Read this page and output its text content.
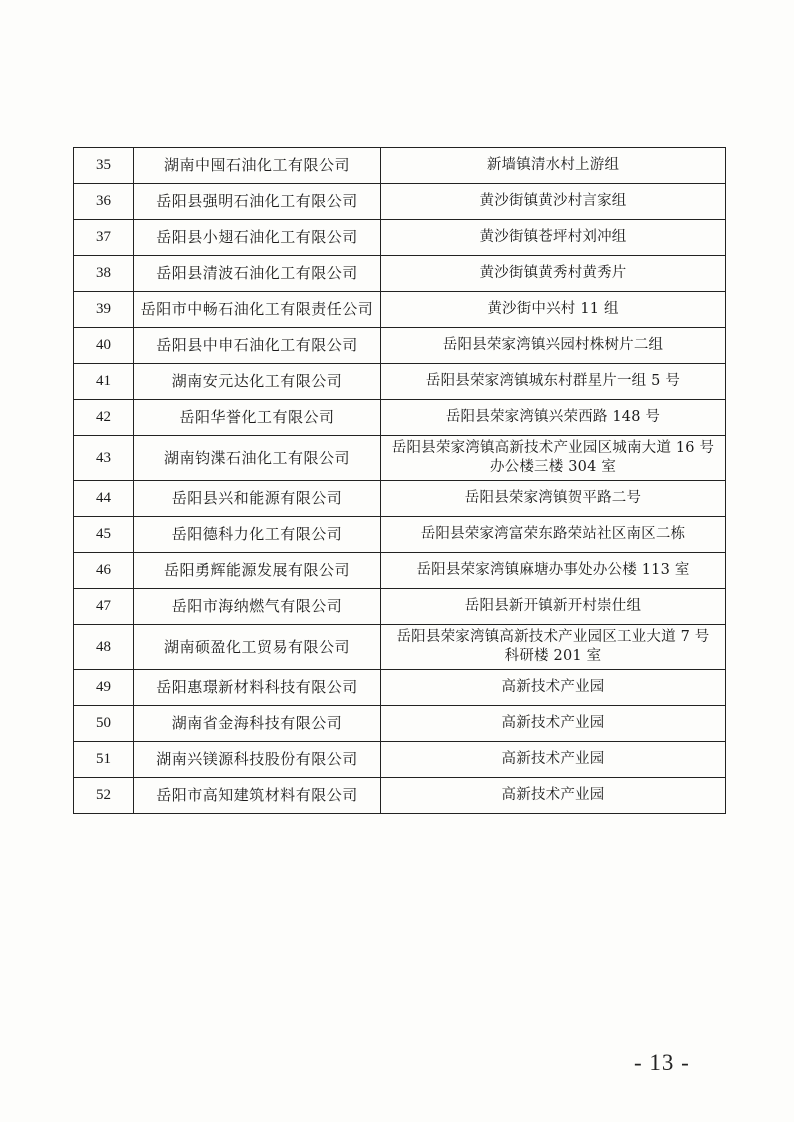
35	湖南中囤石油化工有限公司	新墙镇清水村上游组

36	岳阳县强明石油化工有限公司	黄沙街镇黄沙村言家组

37	岳阳县小翅石油化工有限公司	黄沙街镇苍坪村刘冲组

38	岳阳县清波石油化工有限公司	黄沙街镇黄秀村黄秀片

39	岳阳市中畅石油化工有限责任公司	黄沙街中兴村 11 组

40	岳阳县中申石油化工有限公司	岳阳县荣家湾镇兴园村株树片二组

41	湖南安元达化工有限公司	岳阳县荣家湾镇城东村群星片一组 5 号

42	岳阳华誉化工有限公司	岳阳县荣家湾镇兴荣西路 148 号

43	湖南钧渫石油化工有限公司	岳阳县荣家湾镇高新技术产业园区城南大道 16 号
办公楼三楼 304 室

44	岳阳县兴和能源有限公司	岳阳县荣家湾镇贺平路二号

45	岳阳德科力化工有限公司	岳阳县荣家湾富荣东路荣站社区南区二栋

46	岳阳勇辉能源发展有限公司	岳阳县荣家湾镇麻塘办事处办公楼 113 室

47	岳阳市海纳燃气有限公司	岳阳县新开镇新开村崇仕组

48	湖南硕盈化工贸易有限公司	岳阳县荣家湾镇高新技术产业园区工业大道 7 号
科研楼 201 室

49	岳阳惠璟新材料科技有限公司	高新技术产业园

50	湖南省金海科技有限公司	高新技术产业园

51	湖南兴镁源科技股份有限公司	高新技术产业园

52	岳阳市高知建筑材料有限公司	高新技术产业园
- 13 -
